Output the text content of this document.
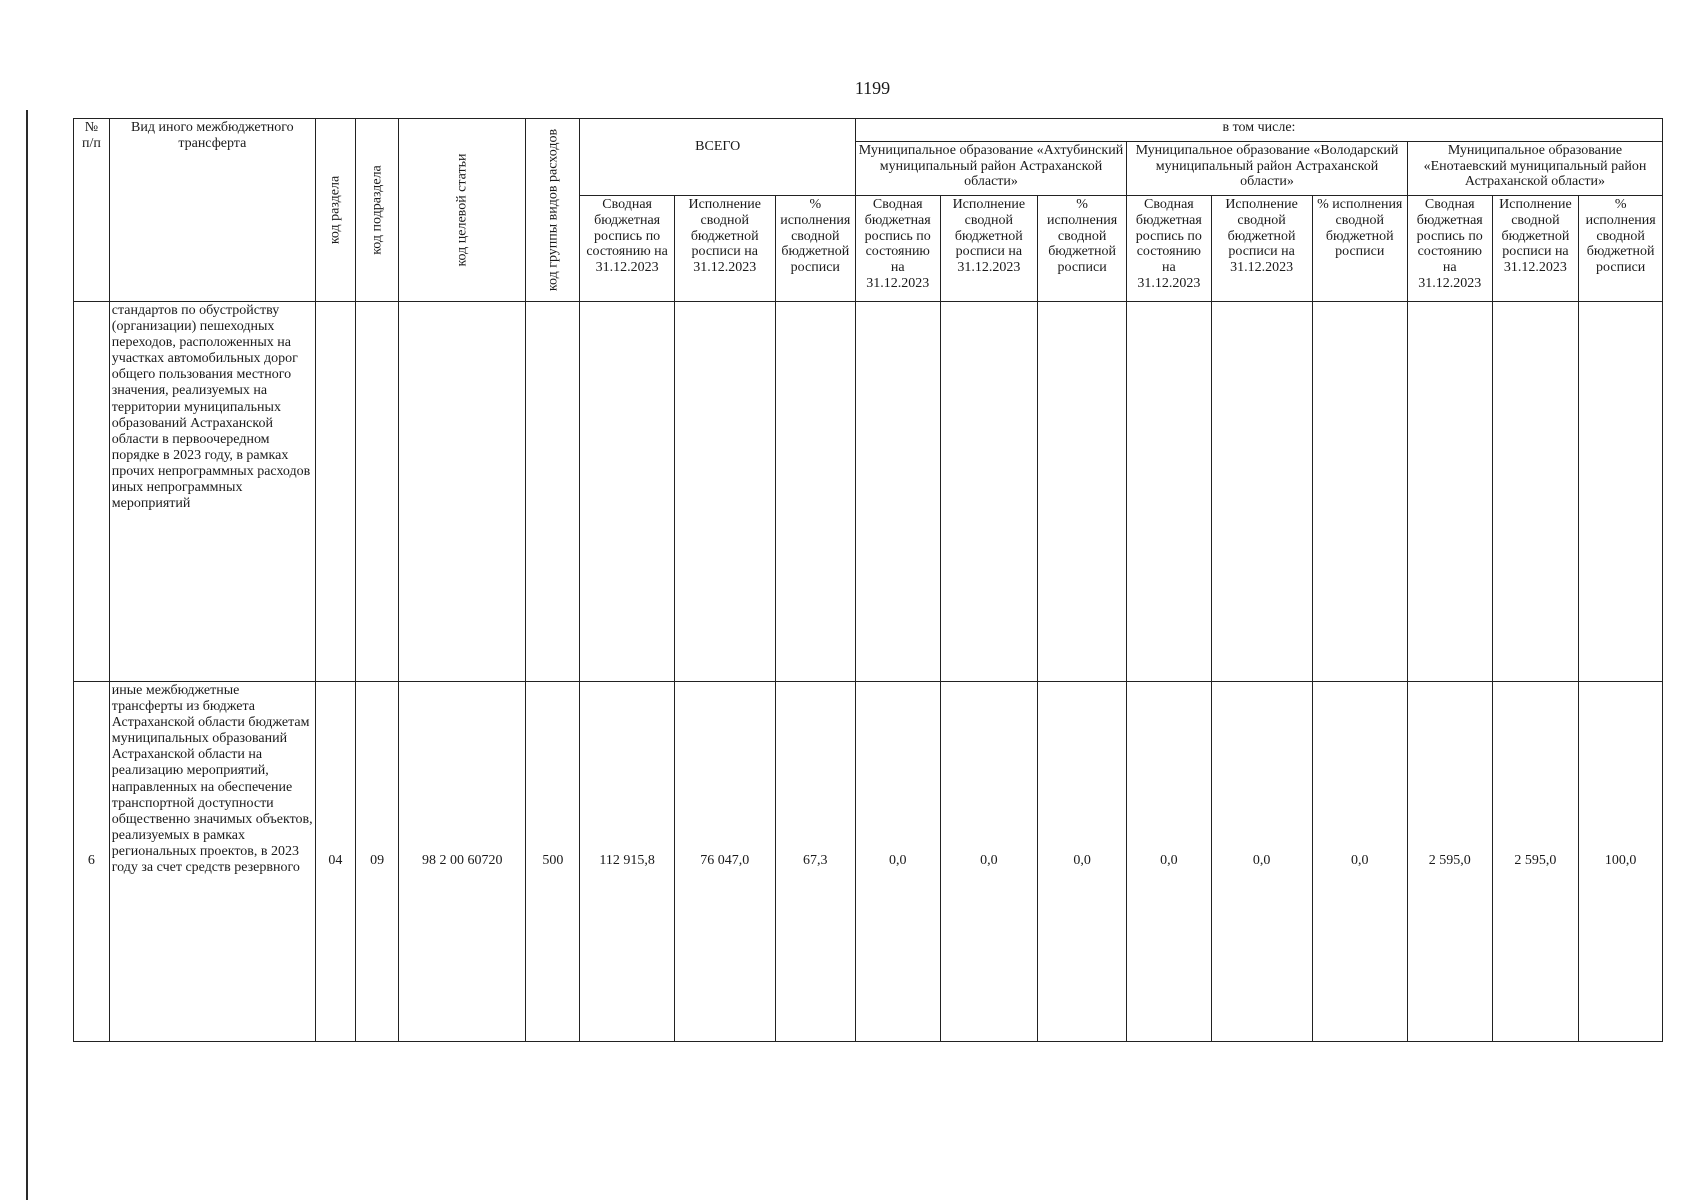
1199
№
п/п	Вид иного межбюджетного трансферта	код раздела	код подраздела	код целевой статьи	код группы видов расходов	ВСЕГО			в том числе:								
									Муниципальное образование «Ахтубинский муниципальный район Астраханской области»			Муниципальное образование «Володарский муниципальный район Астраханской области»			Муниципальное образование «Енотаевский муниципальный район Астраханской области»		
						Сводная бюджетная роспись по состоянию на 31.12.2023	Исполнение сводной бюджетной росписи на 31.12.2023	% исполнения сводной бюджетной росписи	Сводная бюджетная роспись по состоянию на 31.12.2023	Исполнение сводной бюджетной росписи на 31.12.2023	% исполнения сводной бюджетной росписи	Сводная бюджетная роспись по состоянию на 31.12.2023	Исполнение сводной бюджетной росписи на 31.12.2023	% исполнения сводной бюджетной росписи	Сводная бюджетная роспись по состоянию на 31.12.2023	Исполнение сводной бюджетной росписи на 31.12.2023	% исполнения сводной бюджетной росписи
	стандартов по обустройству (организации) пешеходных переходов, расположенных на участках автомобильных дорог общего пользования местного значения, реализуемых на территории муниципальных образований Астраханской области в первоочередном порядке в 2023 году, в рамках прочих непрограммных расходов иных непрограммных мероприятий																
6	иные межбюджетные трансферты из бюджета Астраханской области бюджетам муниципальных образований Астраханской области на реализацию мероприятий, направленных на обеспечение транспортной доступности общественно значимых объектов, реализуемых в рамках региональных проектов, в 2023 году за счет средств резервного	04	09	98 2 00 60720	500	112 915,8	76 047,0	67,3	0,0	0,0	0,0	0,0	0,0	0,0	2 595,0	2 595,0	100,0
